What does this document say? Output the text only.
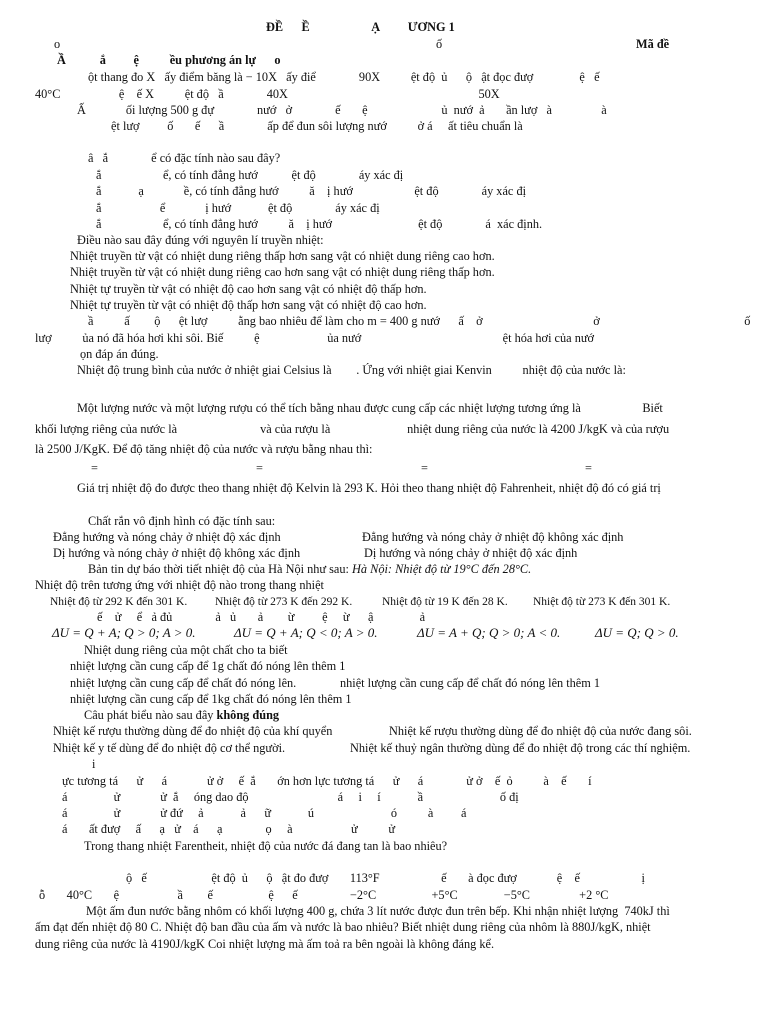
ĐỀ      Ề                    Ạ         ƯƠNG 1
o	ố	Mã đề
Ầ           ắ         ệ          ều phương án lự      o
ột thang đo X   ấy điểm băng là − 10X   ấy điể              90X          ệt độ  ủ      ộ   ật đọc đượ               ệ   ế
40°C                   ệ    ế X          ệt độ   ầ              40X                                                              50X
Ấ             ối lượng 500 g đự              nướ   ở              ế       ệ                        ủ  nướ  ả       ần lượ   à                à
ệt lượ         ố       ế      ầ              ấp để đun sôi lượng nướ          ở á     ất tiêu chuẩn là
â   ắ              ể có đặc tính nào sau đây?
ắ                    ể, có tính đẳng hướ           ệt độ              áy xác đị
ắ            ạ             ề, có tính đẳng hướ          ă    ị hướ                    ệt độ              áy xác đị
ắ                   ể             ị hướ            ệt độ              áy xác đị
ắ                    ể, có tính đẳng hướ          ă    ị hướ                            ệt độ              á  xác định.
Điều nào sau đây đúng với nguyên lí truyền nhiệt:
Nhiệt truyền từ vật có nhiệt dung riêng thấp hơn sang vật có nhiệt dung riêng cao hơn.
Nhiệt truyền từ vật có nhiệt dung riêng cao hơn sang vật có nhiệt dung riêng thấp hơn.
Nhiệt tự truyền từ vật có nhiệt độ cao hơn sang vật có nhiệt độ thấp hơn.
Nhiệt tự truyền từ vật có nhiệt độ thấp hơn sang vật có nhiệt độ cao hơn.
ầ          ấ        ộ      ệt lượ          ằng bao nhiêu để làm cho m = 400 g nướ      ấ    ở                                    ở                                               ố
lượ          ủa nó đã hóa hơi khi sôi. Biế          ệ                      ủa nướ                                              ệt hóa hơi của nướ
ọn đáp án đúng.
Nhiệt độ trung bình của nước ở nhiệt giai Celsius là        . Ứng với nhiệt giai Kenvin          nhiệt độ của nước là:
Một lượng nước và một lượng rượu có thể tích bằng nhau được cung cấp các nhiệt lượng tương ứng là                    Biết
khối lượng riêng của nước là                           và của rượu là                         nhiệt dung riêng của nước là 4200 J/kgK và của rượu
là 2500 J/KgK. Để độ tăng nhiệt độ của nước và rượu bằng nhau thì:
=	=	=	=
Giá trị nhiệt độ đo được theo thang nhiệt độ Kelvin là 293 K. Hỏi theo thang nhiệt độ Fahrenheit, nhiệt độ đó có giá trị
Chất rắn vô định hình có đặc tính sau:
Đẳng hướng và nóng chảy ở nhiệt độ xác định	Đẳng hướng và nóng chảy ở nhiệt độ không xác định
Dị hướng và nóng chảy ở nhiệt độ không xác định	Dị hướng và nóng chảy ở nhiệt độ xác định
Bản tin dự báo thời tiết nhiệt độ của Hà Nội như sau: Hà Nội: Nhiệt độ từ 19°C đến 28°C.
Nhiệt độ trên tương ứng với nhiệt độ nào trong thang nhiệt
Nhiệt độ từ 292 K đến 301 K. Nhiệt độ từ 273 K đến 292 K.	Nhiệt độ từ 19 K đến 28 K. Nhiệt độ từ 273 K đến 301 K.
ế    ử     ể   ả đủ              ả   ủ       ả        ừ         ệ     ừ      ậ               ả
ΔU = Q + A; Q > 0; A > 0.	ΔU = Q + A; Q < 0; A > 0.	ΔU = A + Q; Q > 0; A < 0.	ΔU = Q; Q > 0.
Nhiệt dung riêng của một chất cho ta biết
nhiệt lượng cần cung cấp để 1g chất đó nóng lên thêm 1
nhiệt lượng cần cung cấp để chất đó nóng lên.	nhiệt lượng cần cung cấp để chất đó nóng lên thêm 1
nhiệt lượng cần cung cấp để 1kg chất đó nóng lên thêm 1
Câu phát biểu nào sau đây không đúng
Nhiệt kế rượu thường dùng để đo nhiệt độ của khí quyển	Nhiệt kế rượu thường dùng để đo nhiệt độ của nước đang sôi.
Nhiệt kế y tế dùng để đo nhiệt độ cơ thể người.	Nhiệt kế thuỷ ngân thường dùng để đo nhiệt độ trong các thí nghiệm.
i
ực tương tá      ử      á             ử ở     ế  ắ       ớn hơn lực tương tá      ử      á              ử ở    ế  ỏ          à    ế       í
á               ử             ử  ắ     óng dao độ                             á     i     í            ầ                         ố đị
á               ử             ử đứ     ả            ả      ữ            ú                         ó          à         á
á       ất đượ     ấ      ạ   ử    á      ạ              ọ     à                   ử          ử
Trong thang nhiệt Farentheit, nhiệt độ của nước đá đang tan là bao nhiêu?
ộ   ế                     ệt độ  ủ      ộ   ật đo đượ       113°F                    ế       à đọc đượ             ệ    ế                    ị
ỗ       40°C       ệ                   ầ        ế                  ệ      ế                 −2°C                  +5°C               −5°C                +2 °C
Một ấm đun nước bằng nhôm có khối lượng 400 g, chứa 3 lít nước được đun trên bếp. Khi nhận nhiệt lượng  740kJ thì
ấm đạt đến nhiệt độ 80 C. Nhiệt độ ban đầu của ấm và nước là bao nhiêu? Biết nhiệt dung riêng của nhôm là 880J/kgK, nhiệt
dung riêng của nước là 4190J/kgK Coi nhiệt lượng mà ấm toả ra bên ngoài là không đáng kể.
